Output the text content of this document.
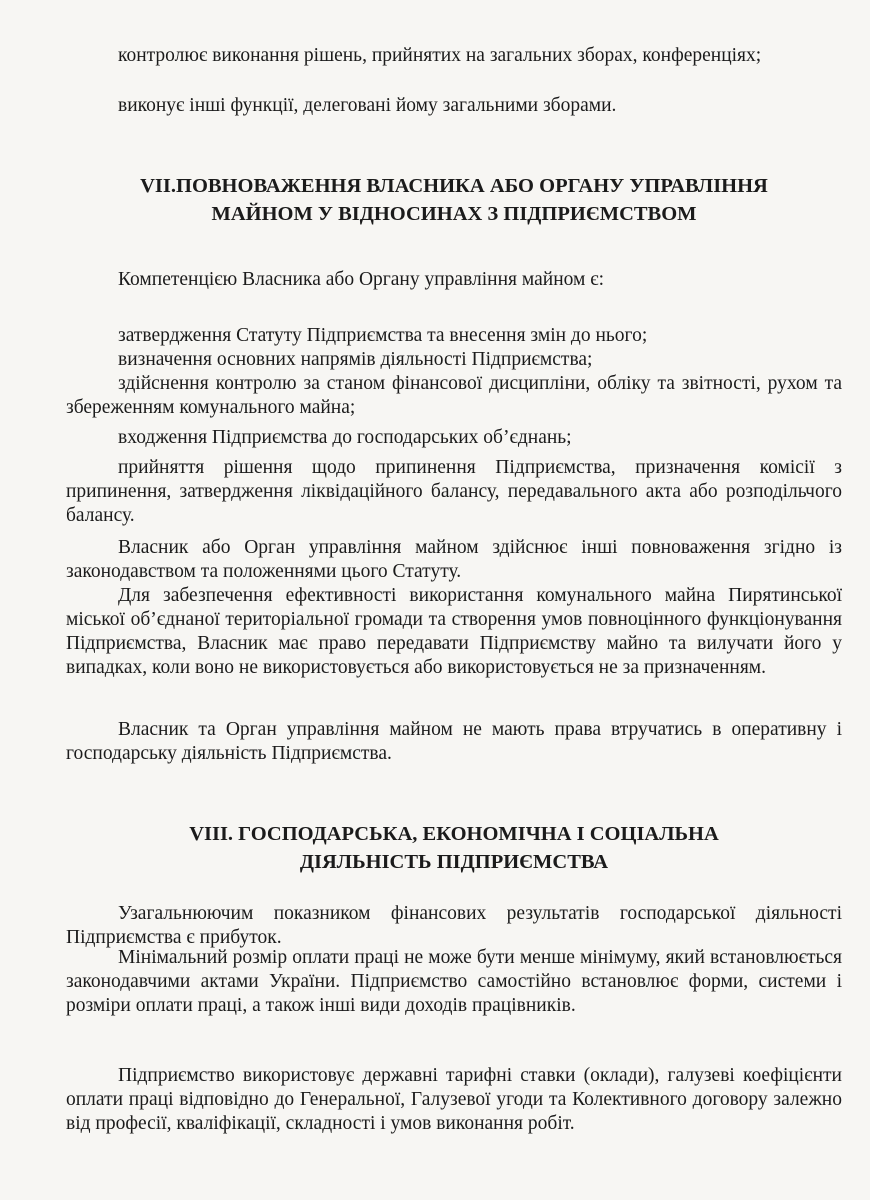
контролює виконання рішень, прийнятих на загальних зборах, конференціях;

виконує інші функції, делеговані йому загальними зборами.

VII.ПОВНОВАЖЕННЯ ВЛАСНИКА АБО ОРГАНУ УПРАВЛІННЯ
МАЙНОМ У ВІДНОСИНАХ З ПІДПРИЄМСТВОМ

Компетенцією Власника або Органу управління майном є:

затвердження Статуту Підприємства та внесення змін до нього;

визначення основних напрямів діяльності Підприємства;

здійснення контролю за станом фінансової дисципліни, обліку та звітності, рухом та збереженням комунального майна;

входження Підприємства до господарських об’єднань;

прийняття рішення щодо припинення Підприємства, призначення комісії з припинення, затвердження ліквідаційного балансу, передавального акта або розподільчого балансу.

Власник або Орган управління майном здійснює інші повноваження згідно із законодавством та положеннями цього Статуту.

Для забезпечення ефективності використання комунального майна Пирятинської міської об’єднаної територіальної громади та створення умов повноцінного функціонування Підприємства, Власник має право передавати Підприємству майно та вилучати його у випадках, коли воно не використовується або використовується не за призначенням.

Власник та Орган управління майном не мають права втручатись в оперативну і господарську діяльність Підприємства.

VIII. ГОСПОДАРСЬКА, ЕКОНОМІЧНА І СОЦІАЛЬНА
ДІЯЛЬНІСТЬ ПІДПРИЄМСТВА

Узагальнюючим показником фінансових результатів господарської діяльності Підприємства є прибуток.

Мінімальний розмір оплати праці не може бути менше мінімуму, який встановлюється законодавчими актами України. Підприємство самостійно встановлює форми, системи і розміри оплати праці, а також інші види доходів працівників.

Підприємство використовує державні тарифні ставки (оклади), галузеві коефіцієнти оплати праці відповідно до Генеральної, Галузевої угоди та Колективного договору залежно від професії, кваліфікації, складності і умов виконання робіт.
